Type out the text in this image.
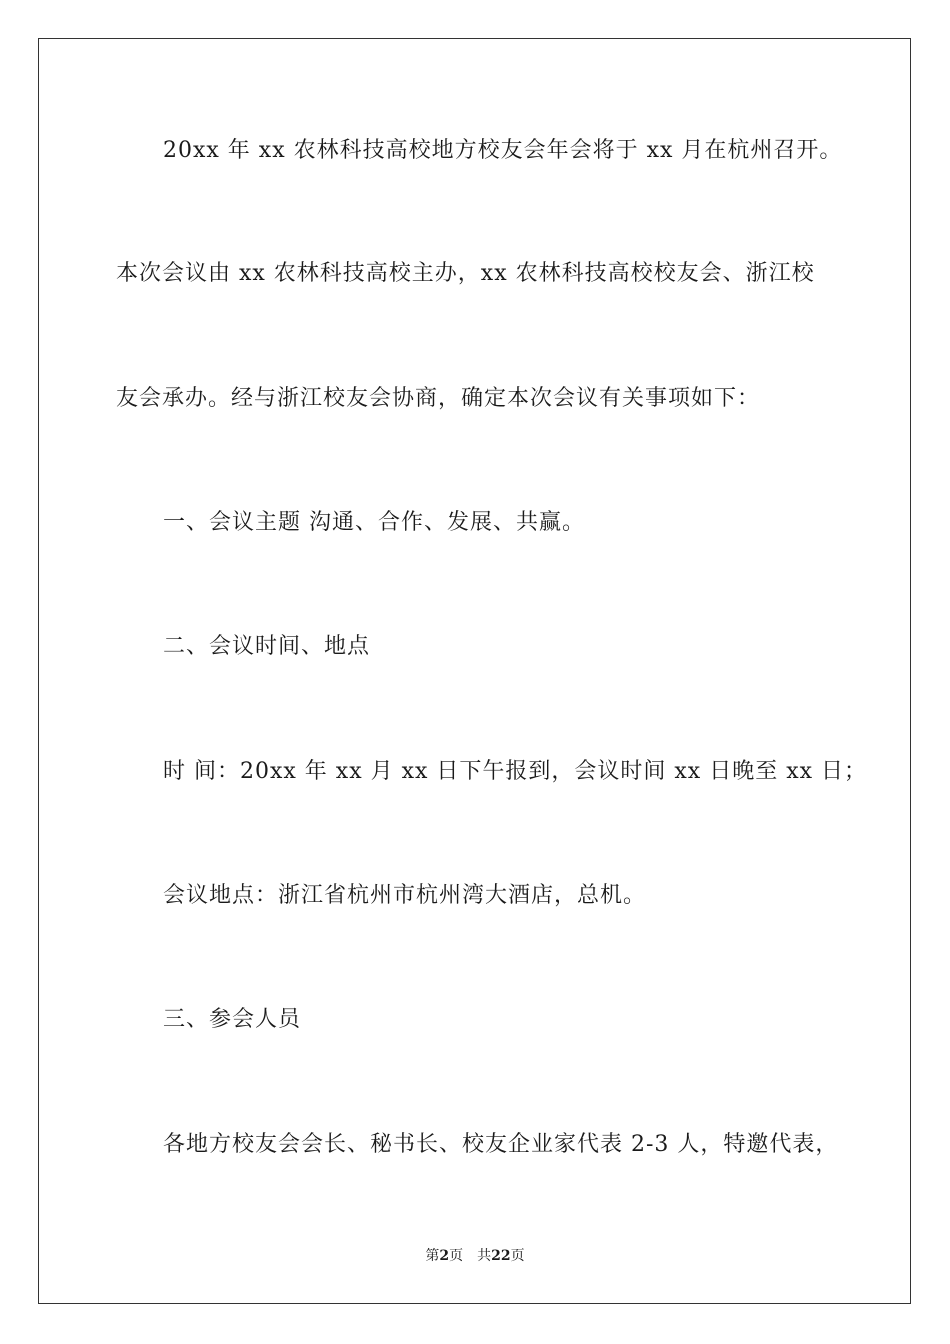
20xx 年 xx 农林科技高校地方校友会年会将于 xx 月在杭州召开。
本次会议由 xx 农林科技高校主办，xx 农林科技高校校友会、浙江校
友会承办。经与浙江校友会协商，确定本次会议有关事项如下：
一、会议主题 沟通、合作、发展、共赢。
二、会议时间、地点
时 间：20xx 年 xx 月 xx 日下午报到，会议时间 xx 日晚至 xx 日；
会议地点：浙江省杭州市杭州湾大酒店，总机。
三、参会人员
各地方校友会会长、秘书长、校友企业家代表 2-3 人，特邀代表，
第2页 共22页
